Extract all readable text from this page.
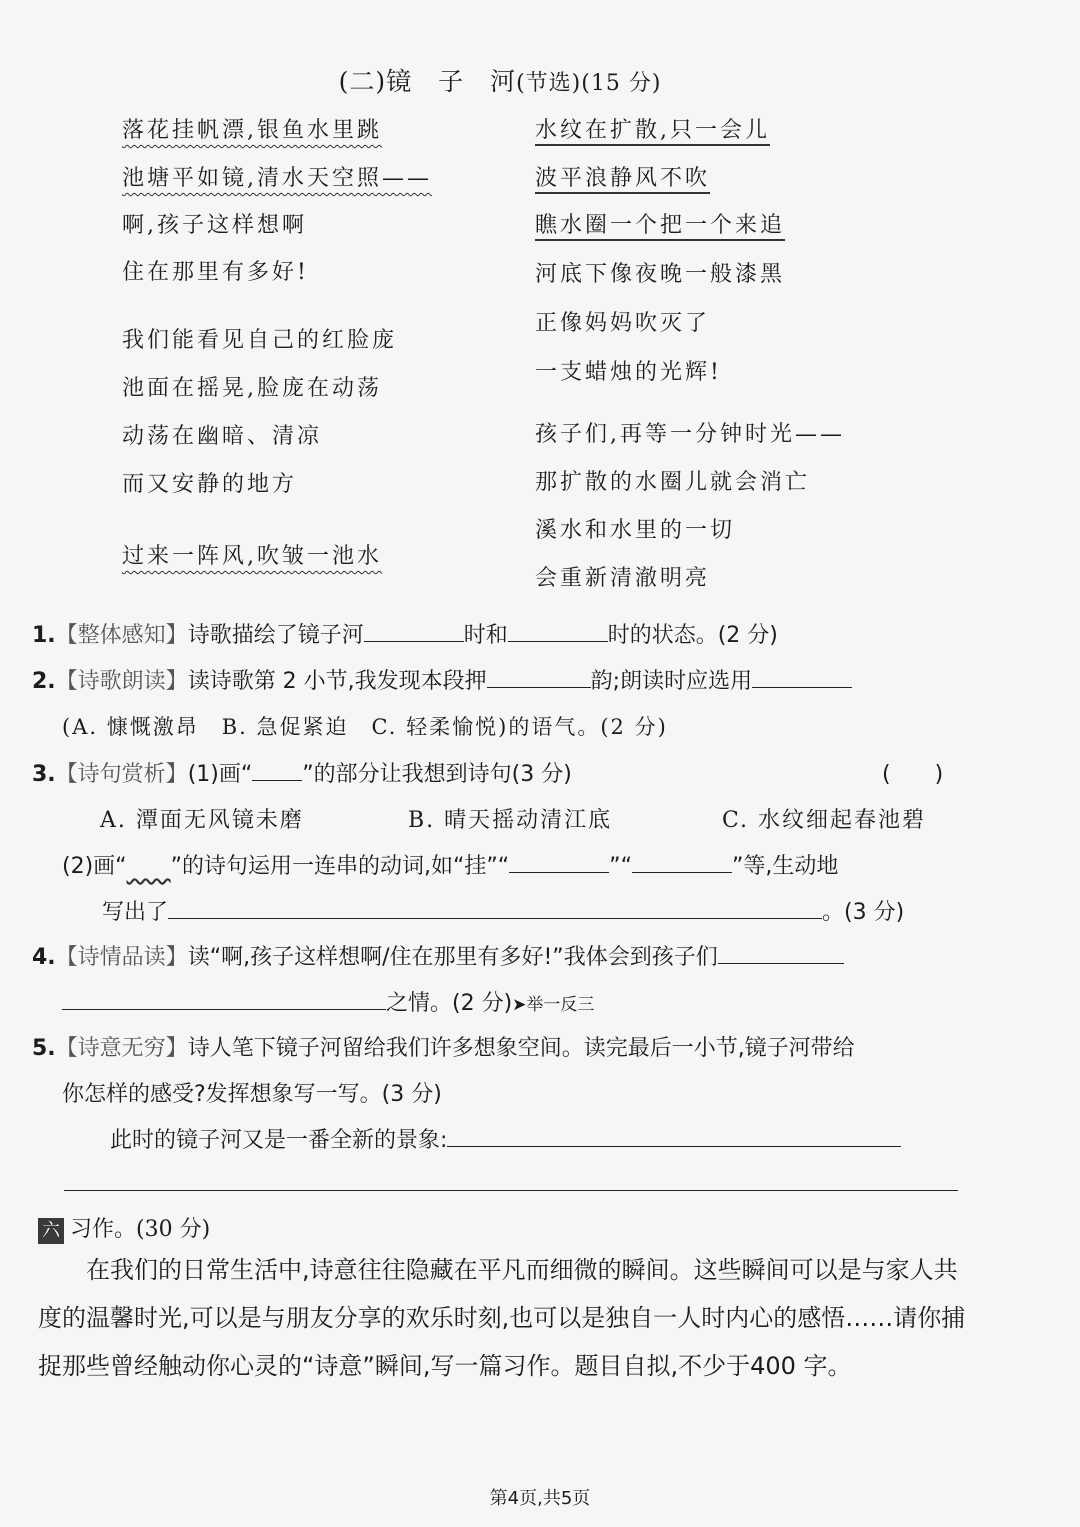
(二)镜　子　河(节选)(15 分)
落花挂帆漂,银鱼水里跳
池塘平如镜,清水天空照——
啊,孩子这样想啊
住在那里有多好!
我们能看见自己的红脸庞
池面在摇晃,脸庞在动荡
动荡在幽暗、清凉
而又安静的地方
过来一阵风,吹皱一池水
水纹在扩散,只一会儿
波平浪静风不吹
瞧水圈一个把一个来追
河底下像夜晚一般漆黑
正像妈妈吹灭了
一支蜡烛的光辉!
孩子们,再等一分钟时光——
那扩散的水圈儿就会消亡
溪水和水里的一切
会重新清澈明亮
1.【整体感知】诗歌描绘了镜子河	时和	时的状态。(2 分)
2.【诗歌朗读】读诗歌第 2 小节,我发现本段押	韵;朗读时应选用
(A. 慷慨激昂　B. 急促紧迫　C. 轻柔愉悦)的语气。(2 分)
3.【诗句赏析】(1)画“ ”的部分让我想到诗句(3 分)	(　　)
A. 潭面无风镜未磨	B. 晴天摇动清江底	C. 水纹细起春池碧
(2)画“　　 ”的诗句运用一连串的动词,如“挂”“	”“	”等,生动地
写出了	。(3 分)
4.【诗情品读】读“啊,孩子这样想啊/住在那里有多好!”我体会到孩子们
之情。(2 分)➤举一反三
5.【诗意无穷】诗人笔下镜子河留给我们许多想象空间。读完最后一小节,镜子河带给
你怎样的感受?发挥想象写一写。(3 分)
此时的镜子河又是一番全新的景象:
六 习作。(30 分)
在我们的日常生活中,诗意往往隐藏在平凡而细微的瞬间。这些瞬间可以是与家人共度的温馨时光,可以是与朋友分享的欢乐时刻,也可以是独自一人时内心的感悟……请你捕捉那些曾经触动你心灵的“诗意”瞬间,写一篇习作。题目自拟,不少于400 字。
第4页,共5页
